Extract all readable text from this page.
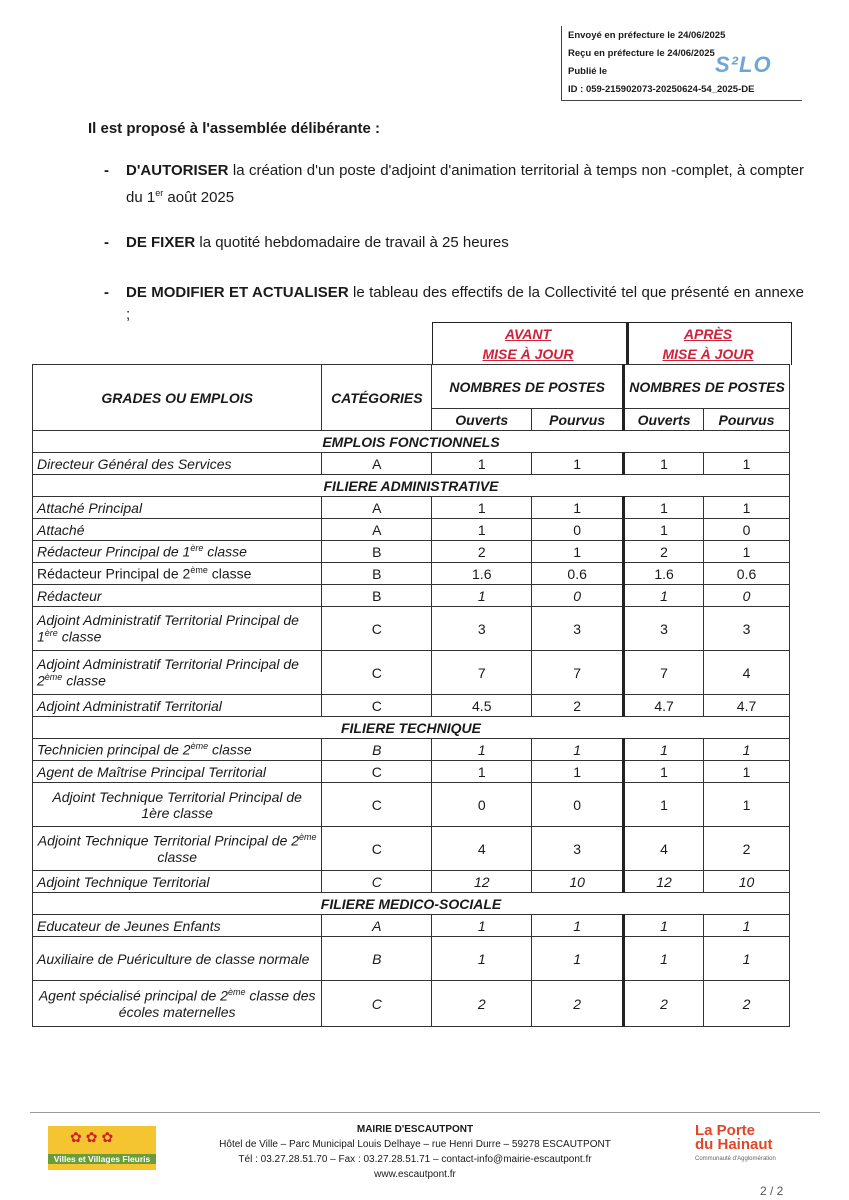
Envoyé en préfecture le 24/06/2025
Reçu en préfecture le 24/06/2025
Publié le
ID : 059-215902073-20250624-54_2025-DE
S²LO
Il est proposé à l'assemblée délibérante :
- D'AUTORISER la création d'un poste d'adjoint d'animation territorial à temps non -complet, à compter du 1er août 2025
- DE FIXER la quotité hebdomadaire de travail à 25 heures
- DE MODIFIER ET ACTUALISER le tableau des effectifs de la Collectivité tel que présenté en annexe ;
AVANT
MISE À JOUR
APRÈS
MISE À JOUR
GRADES OU EMPLOIS	CATÉGORIES	NOMBRES DE POSTES		NOMBRES DE POSTES	
		Ouverts	Pourvus	Ouverts	Pourvus
EMPLOIS FONCTIONNELS					
Directeur Général des Services	A	1	1	1	1
FILIERE ADMINISTRATIVE					
Attaché Principal	A	1	1	1	1
Attaché	A	1	0	1	0
Rédacteur Principal de 1ère classe	B	2	1	2	1
Rédacteur Principal de 2ème classe	B	1.6	0.6	1.6	0.6
Rédacteur	B	1	0	1	0
Adjoint Administratif Territorial Principal de 1ère classe	C	3	3	3	3
Adjoint Administratif Territorial Principal de 2ème classe	C	7	7	7	4
Adjoint Administratif Territorial	C	4.5	2	4.7	4.7
FILIERE TECHNIQUE					
Technicien principal de 2ème classe	B	1	1	1	1
Agent de Maîtrise Principal Territorial	C	1	1	1	1
Adjoint Technique Territorial Principal de 1ère classe	C	0	0	1	1
Adjoint Technique Territorial Principal de 2ème classe	C	4	3	4	2
Adjoint Technique Territorial	C	12	10	12	10
FILIERE MEDICO-SOCIALE					
Educateur de Jeunes Enfants	A	1	1	1	1
Auxiliaire de Puériculture de classe normale	B	1	1	1	1
Agent spécialisé principal de 2ème classe des écoles maternelles	C	2	2	2	2
✿✿✿
Villes et Villages Fleuris
MAIRIE D'ESCAUTPONT
Hôtel de Ville – Parc Municipal Louis Delhaye – rue Henri Durre – 59278 ESCAUTPONT
Tél : 03.27.28.51.70 – Fax : 03.27.28.51.71 – contact-info@mairie-escautpont.fr
www.escautpont.fr
La Porte
du Hainaut
Communauté d'Agglomération
2 / 2
